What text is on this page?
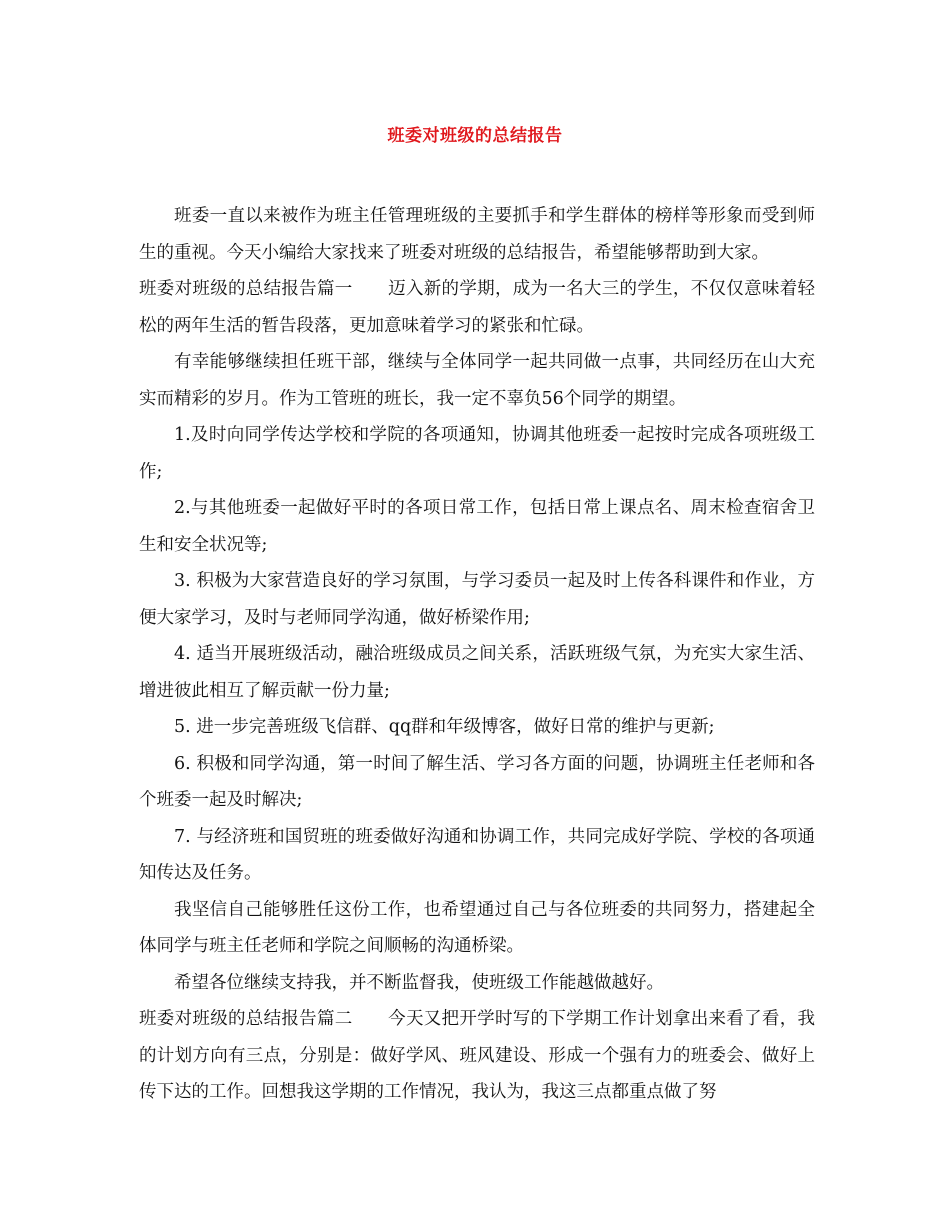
班委对班级的总结报告

班委一直以来被作为班主任管理班级的主要抓手和学生群体的榜样等形象而受到师生的重视。今天小编给大家找来了班委对班级的总结报告，希望能够帮助到大家。

班委对班级的总结报告篇一　　迈入新的学期，成为一名大三的学生，不仅仅意味着轻松的两年生活的暂告段落，更加意味着学习的紧张和忙碌。

有幸能够继续担任班干部，继续与全体同学一起共同做一点事，共同经历在山大充实而精彩的岁月。作为工管班的班长，我一定不辜负56个同学的期望。

1.及时向同学传达学校和学院的各项通知，协调其他班委一起按时完成各项班级工作;

2.与其他班委一起做好平时的各项日常工作，包括日常上课点名、周末检查宿舍卫生和安全状况等;

3. 积极为大家营造良好的学习氛围，与学习委员一起及时上传各科课件和作业，方便大家学习，及时与老师同学沟通，做好桥梁作用;

4. 适当开展班级活动，融洽班级成员之间关系，活跃班级气氛，为充实大家生活、增进彼此相互了解贡献一份力量;

5. 进一步完善班级飞信群、qq群和年级博客，做好日常的维护与更新;

6. 积极和同学沟通，第一时间了解生活、学习各方面的问题，协调班主任老师和各个班委一起及时解决;

7. 与经济班和国贸班的班委做好沟通和协调工作，共同完成好学院、学校的各项通知传达及任务。

我坚信自己能够胜任这份工作，也希望通过自己与各位班委的共同努力，搭建起全体同学与班主任老师和学院之间顺畅的沟通桥梁。

希望各位继续支持我，并不断监督我，使班级工作能越做越好。

班委对班级的总结报告篇二　　今天又把开学时写的下学期工作计划拿出来看了看，我的计划方向有三点，分别是：做好学风、班风建设、形成一个强有力的班委会、做好上传下达的工作。回想我这学期的工作情况，我认为，我这三点都重点做了努
